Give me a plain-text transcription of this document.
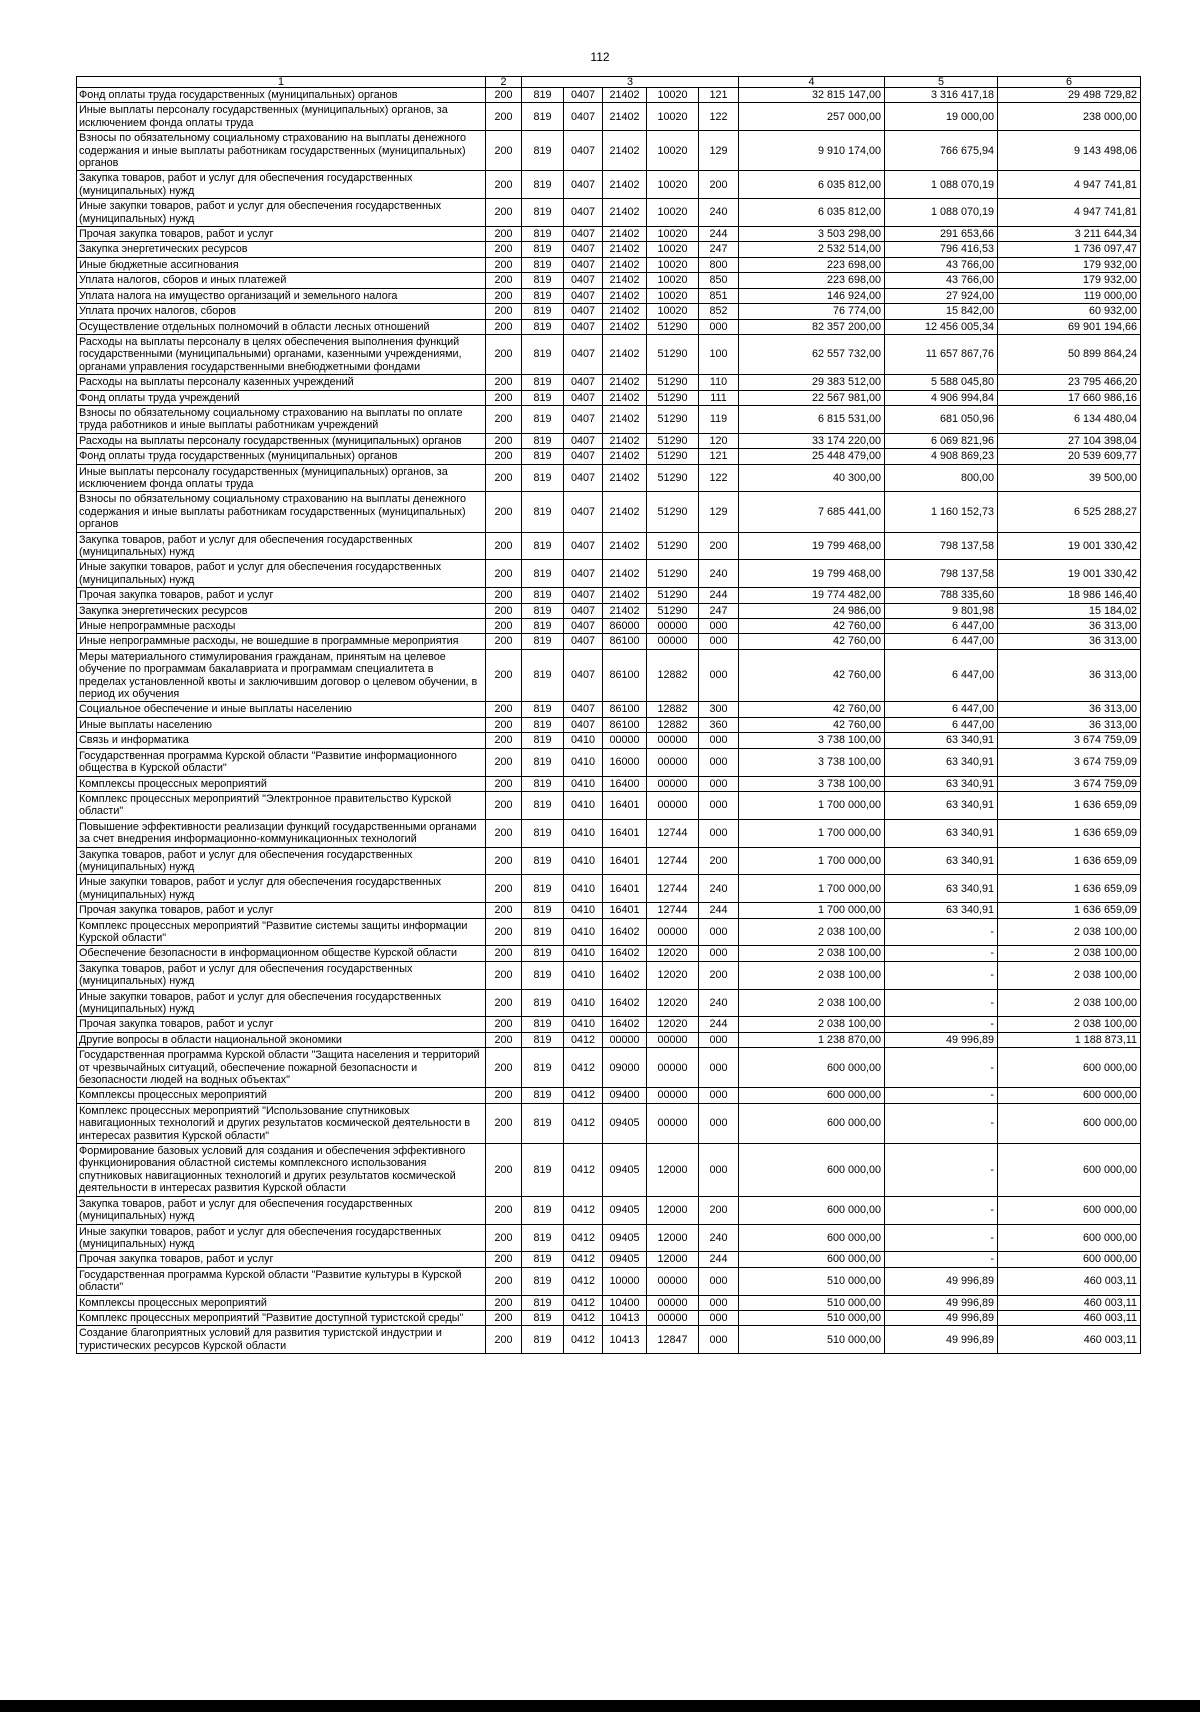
112
1	2	3					4	5	6
Фонд оплаты труда государственных (муниципальных) органов	200	819	0407	21402	10020	121	32 815 147,00	3 316 417,18	29 498 729,82
Иные выплаты персоналу государственных (муниципальных) органов, за исключением фонда оплаты труда	200	819	0407	21402	10020	122	257 000,00	19 000,00	238 000,00
Взносы по обязательному социальному страхованию на выплаты денежного содержания и иные выплаты работникам государственных (муниципальных) органов	200	819	0407	21402	10020	129	9 910 174,00	766 675,94	9 143 498,06
Закупка товаров, работ и услуг для обеспечения государственных (муниципальных) нужд	200	819	0407	21402	10020	200	6 035 812,00	1 088 070,19	4 947 741,81
Иные закупки товаров, работ и услуг для обеспечения государственных (муниципальных) нужд	200	819	0407	21402	10020	240	6 035 812,00	1 088 070,19	4 947 741,81
Прочая закупка товаров, работ и услуг	200	819	0407	21402	10020	244	3 503 298,00	291 653,66	3 211 644,34
Закупка энергетических ресурсов	200	819	0407	21402	10020	247	2 532 514,00	796 416,53	1 736 097,47
Иные бюджетные ассигнования	200	819	0407	21402	10020	800	223 698,00	43 766,00	179 932,00
Уплата налогов, сборов и иных платежей	200	819	0407	21402	10020	850	223 698,00	43 766,00	179 932,00
Уплата налога на имущество организаций и земельного налога	200	819	0407	21402	10020	851	146 924,00	27 924,00	119 000,00
Уплата прочих налогов, сборов	200	819	0407	21402	10020	852	76 774,00	15 842,00	60 932,00
Осуществление отдельных полномочий в области лесных отношений	200	819	0407	21402	51290	000	82 357 200,00	12 456 005,34	69 901 194,66
Расходы на выплаты персоналу в целях обеспечения выполнения функций государственными (муниципальными) органами, казенными учреждениями, органами управления государственными внебюджетными фондами	200	819	0407	21402	51290	100	62 557 732,00	11 657 867,76	50 899 864,24
Расходы на выплаты персоналу казенных учреждений	200	819	0407	21402	51290	110	29 383 512,00	5 588 045,80	23 795 466,20
Фонд оплаты труда учреждений	200	819	0407	21402	51290	111	22 567 981,00	4 906 994,84	17 660 986,16
Взносы по обязательному социальному страхованию на выплаты по оплате труда работников и иные выплаты работникам учреждений	200	819	0407	21402	51290	119	6 815 531,00	681 050,96	6 134 480,04
Расходы на выплаты персоналу государственных (муниципальных) органов	200	819	0407	21402	51290	120	33 174 220,00	6 069 821,96	27 104 398,04
Фонд оплаты труда государственных (муниципальных) органов	200	819	0407	21402	51290	121	25 448 479,00	4 908 869,23	20 539 609,77
Иные выплаты персоналу государственных (муниципальных) органов, за исключением фонда оплаты труда	200	819	0407	21402	51290	122	40 300,00	800,00	39 500,00
Взносы по обязательному социальному страхованию на выплаты денежного содержания и иные выплаты работникам государственных (муниципальных) органов	200	819	0407	21402	51290	129	7 685 441,00	1 160 152,73	6 525 288,27
Закупка товаров, работ и услуг для обеспечения государственных (муниципальных) нужд	200	819	0407	21402	51290	200	19 799 468,00	798 137,58	19 001 330,42
Иные закупки товаров, работ и услуг для обеспечения государственных (муниципальных) нужд	200	819	0407	21402	51290	240	19 799 468,00	798 137,58	19 001 330,42
Прочая закупка товаров, работ и услуг	200	819	0407	21402	51290	244	19 774 482,00	788 335,60	18 986 146,40
Закупка энергетических ресурсов	200	819	0407	21402	51290	247	24 986,00	9 801,98	15 184,02
Иные непрограммные расходы	200	819	0407	86000	00000	000	42 760,00	6 447,00	36 313,00
Иные непрограммные расходы, не вошедшие в программные мероприятия	200	819	0407	86100	00000	000	42 760,00	6 447,00	36 313,00
Меры материального стимулирования гражданам, принятым на целевое обучение по программам бакалавриата и программам специалитета в пределах установленной квоты и заключившим договор о целевом обучении, в период их обучения	200	819	0407	86100	12882	000	42 760,00	6 447,00	36 313,00
Социальное обеспечение и иные выплаты населению	200	819	0407	86100	12882	300	42 760,00	6 447,00	36 313,00
Иные выплаты населению	200	819	0407	86100	12882	360	42 760,00	6 447,00	36 313,00
Связь и информатика	200	819	0410	00000	00000	000	3 738 100,00	63 340,91	3 674 759,09
Государственная программа Курской области "Развитие информационного общества в Курской области"	200	819	0410	16000	00000	000	3 738 100,00	63 340,91	3 674 759,09
Комплексы процессных мероприятий	200	819	0410	16400	00000	000	3 738 100,00	63 340,91	3 674 759,09
Комплекс процессных мероприятий "Электронное правительство Курской области"	200	819	0410	16401	00000	000	1 700 000,00	63 340,91	1 636 659,09
Повышение эффективности реализации функций государственными органами за счет внедрения информационно-коммуникационных технологий	200	819	0410	16401	12744	000	1 700 000,00	63 340,91	1 636 659,09
Закупка товаров, работ и услуг для обеспечения государственных (муниципальных) нужд	200	819	0410	16401	12744	200	1 700 000,00	63 340,91	1 636 659,09
Иные закупки товаров, работ и услуг для обеспечения государственных (муниципальных) нужд	200	819	0410	16401	12744	240	1 700 000,00	63 340,91	1 636 659,09
Прочая закупка товаров, работ и услуг	200	819	0410	16401	12744	244	1 700 000,00	63 340,91	1 636 659,09
Комплекс процессных мероприятий "Развитие системы защиты информации Курской области"	200	819	0410	16402	00000	000	2 038 100,00	-	2 038 100,00
Обеспечение безопасности в информационном обществе Курской области	200	819	0410	16402	12020	000	2 038 100,00	-	2 038 100,00
Закупка товаров, работ и услуг для обеспечения государственных (муниципальных) нужд	200	819	0410	16402	12020	200	2 038 100,00	-	2 038 100,00
Иные закупки товаров, работ и услуг для обеспечения государственных (муниципальных) нужд	200	819	0410	16402	12020	240	2 038 100,00	-	2 038 100,00
Прочая закупка товаров, работ и услуг	200	819	0410	16402	12020	244	2 038 100,00	-	2 038 100,00
Другие вопросы в области национальной экономики	200	819	0412	00000	00000	000	1 238 870,00	49 996,89	1 188 873,11
Государственная программа Курской области "Защита населения и территорий от чрезвычайных ситуаций, обеспечение пожарной безопасности и безопасности людей на водных объектах"	200	819	0412	09000	00000	000	600 000,00	-	600 000,00
Комплексы процессных мероприятий	200	819	0412	09400	00000	000	600 000,00	-	600 000,00
Комплекс процессных мероприятий "Использование спутниковых навигационных технологий и других результатов космической деятельности в интересах развития Курской области"	200	819	0412	09405	00000	000	600 000,00	-	600 000,00
Формирование базовых условий для создания и обеспечения эффективного функционирования областной системы комплексного использования спутниковых навигационных технологий и других результатов космической деятельности в интересах развития Курской области	200	819	0412	09405	12000	000	600 000,00	-	600 000,00
Закупка товаров, работ и услуг для обеспечения государственных (муниципальных) нужд	200	819	0412	09405	12000	200	600 000,00	-	600 000,00
Иные закупки товаров, работ и услуг для обеспечения государственных (муниципальных) нужд	200	819	0412	09405	12000	240	600 000,00	-	600 000,00
Прочая закупка товаров, работ и услуг	200	819	0412	09405	12000	244	600 000,00	-	600 000,00
Государственная программа Курской области "Развитие культуры в Курской области"	200	819	0412	10000	00000	000	510 000,00	49 996,89	460 003,11
Комплексы процессных мероприятий	200	819	0412	10400	00000	000	510 000,00	49 996,89	460 003,11
Комплекс процессных мероприятий "Развитие доступной туристской среды"	200	819	0412	10413	00000	000	510 000,00	49 996,89	460 003,11
Создание благоприятных условий для развития туристской индустрии и туристических ресурсов Курской области	200	819	0412	10413	12847	000	510 000,00	49 996,89	460 003,11
